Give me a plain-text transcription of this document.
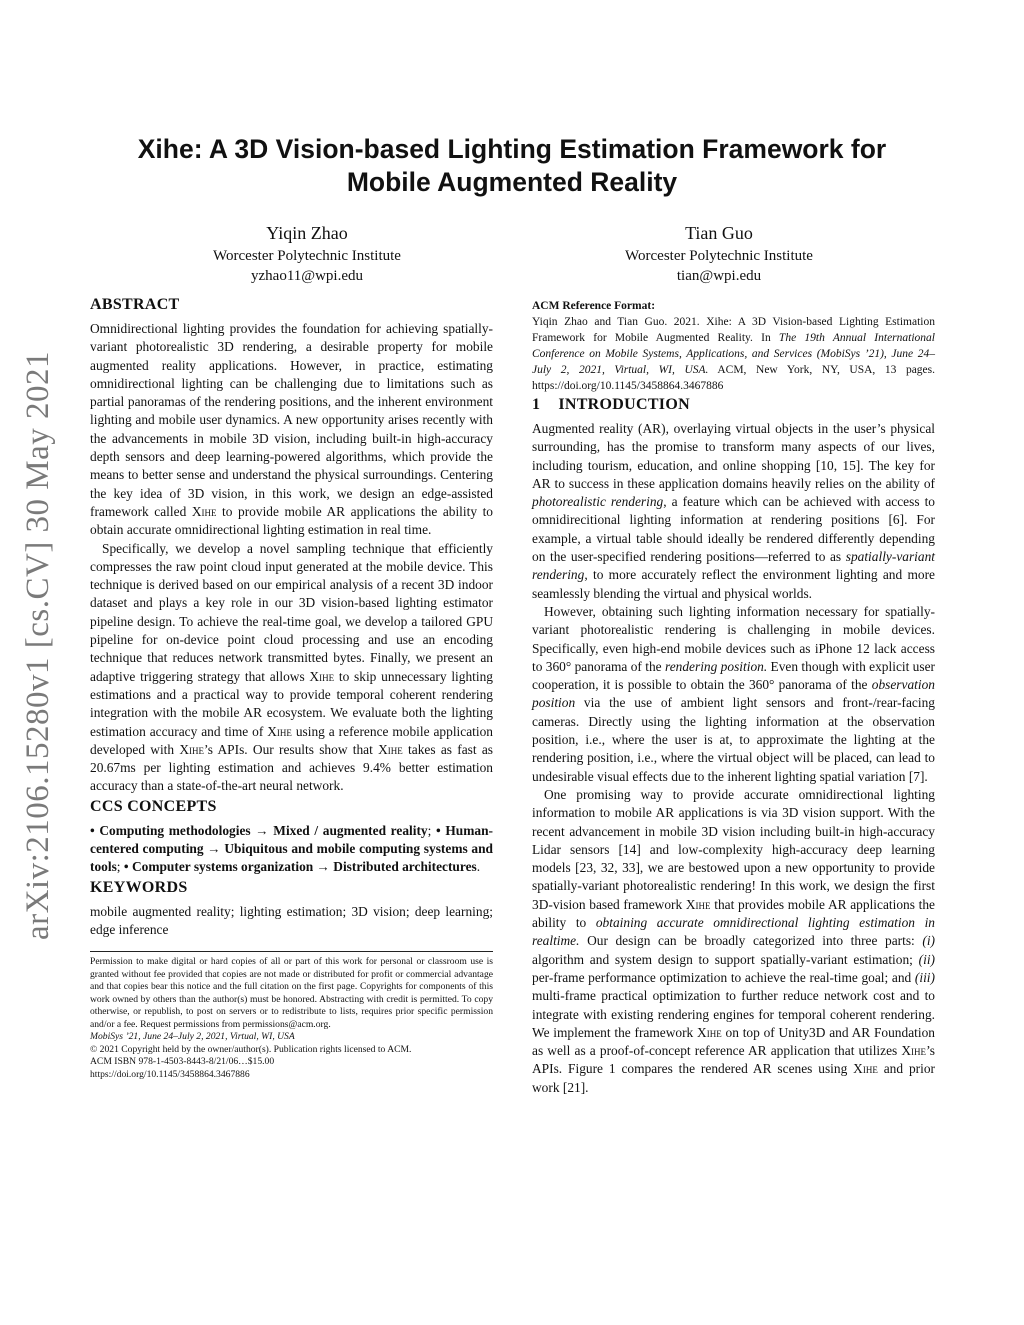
arXiv:2106.15280v1 [cs.CV] 30 May 2021
Xihe: A 3D Vision-based Lighting Estimation Framework for
Mobile Augmented Reality
Yiqin Zhao
Worcester Polytechnic Institute
yzhao11@wpi.edu
Tian Guo
Worcester Polytechnic Institute
tian@wpi.edu
ABSTRACT

Omnidirectional lighting provides the foundation for achieving spatially-variant photorealistic 3D rendering, a desirable property for mobile augmented reality applications. However, in practice, estimating omnidirectional lighting can be challenging due to limitations such as partial panoramas of the rendering positions, and the inherent environment lighting and mobile user dynamics. A new opportunity arises recently with the advancements in mobile 3D vision, including built-in high-accuracy depth sensors and deep learning-powered algorithms, which provide the means to better sense and understand the physical surroundings. Centering the key idea of 3D vision, in this work, we design an edge-assisted framework called Xihe to provide mobile AR applications the ability to obtain accurate omnidirectional lighting estimation in real time.

Specifically, we develop a novel sampling technique that efficiently compresses the raw point cloud input generated at the mobile device. This technique is derived based on our empirical analysis of a recent 3D indoor dataset and plays a key role in our 3D vision-based lighting estimator pipeline design. To achieve the real-time goal, we develop a tailored GPU pipeline for on-device point cloud processing and use an encoding technique that reduces network transmitted bytes. Finally, we present an adaptive triggering strategy that allows Xihe to skip unnecessary lighting estimations and a practical way to provide temporal coherent rendering integration with the mobile AR ecosystem. We evaluate both the lighting estimation accuracy and time of Xihe using a reference mobile application developed with Xihe’s APIs. Our results show that Xihe takes as fast as 20.67ms per lighting estimation and achieves 9.4% better estimation accuracy than a state-of-the-art neural network.

CCS CONCEPTS

• Computing methodologies → Mixed / augmented reality; • Human-centered computing → Ubiquitous and mobile computing systems and tools; • Computer systems organization → Distributed architectures.

KEYWORDS

mobile augmented reality; lighting estimation; 3D vision; deep learning; edge inference

Permission to make digital or hard copies of all or part of this work for personal or classroom use is granted without fee provided that copies are not made or distributed for profit or commercial advantage and that copies bear this notice and the full citation on the first page. Copyrights for components of this work owned by others than the author(s) must be honored. Abstracting with credit is permitted. To copy otherwise, or republish, to post on servers or to redistribute to lists, requires prior specific permission and/or a fee. Request permissions from permissions@acm.org.

MobiSys ’21, June 24–July 2, 2021, Virtual, WI, USA

© 2021 Copyright held by the owner/author(s). Publication rights licensed to ACM.

ACM ISBN 978-1-4503-8443-8/21/06…$15.00

https://doi.org/10.1145/3458864.3467886

ACM Reference Format:

Yiqin Zhao and Tian Guo. 2021. Xihe: A 3D Vision-based Lighting Estimation Framework for Mobile Augmented Reality. In The 19th Annual International Conference on Mobile Systems, Applications, and Services (MobiSys ’21), June 24–July 2, 2021, Virtual, WI, USA. ACM, New York, NY, USA, 13 pages. https://doi.org/10.1145/3458864.3467886

1 INTRODUCTION

Augmented reality (AR), overlaying virtual objects in the user’s physical surrounding, has the promise to transform many aspects of our lives, including tourism, education, and online shopping [10, 15]. The key for AR to success in these application domains heavily relies on the ability of photorealistic rendering, a feature which can be achieved with access to omnidirecitional lighting information at rendering positions [6]. For example, a virtual table should ideally be rendered differently depending on the user-specified rendering positions—referred to as spatially-variant rendering, to more accurately reflect the environment lighting and more seamlessly blending the virtual and physical worlds.

However, obtaining such lighting information necessary for spatially-variant photorealistic rendering is challenging in mobile devices. Specifically, even high-end mobile devices such as iPhone 12 lack access to 360° panorama of the rendering position. Even though with explicit user cooperation, it is possible to obtain the 360° panorama of the observation position via the use of ambient light sensors and front-/rear-facing cameras. Directly using the lighting information at the observation position, i.e., where the user is at, to approximate the lighting at the rendering position, i.e., where the virtual object will be placed, can lead to undesirable visual effects due to the inherent lighting spatial variation [7].

One promising way to provide accurate omnidirectional lighting information to mobile AR applications is via 3D vision support. With the recent advancement in mobile 3D vision including built-in high-accuracy Lidar sensors [14] and low-complexity high-accuracy deep learning models [23, 32, 33], we are bestowed upon a new opportunity to provide spatially-variant photorealistic rendering! In this work, we design the first 3D-vision based framework Xihe that provides mobile AR applications the ability to obtaining accurate omnidirectional lighting estimation in realtime. Our design can be broadly categorized into three parts: (i) algorithm and system design to support spatially-variant estimation; (ii) per-frame performance optimization to achieve the real-time goal; and (iii) multi-frame practical optimization to further reduce network cost and to integrate with existing rendering engines for temporal coherent rendering. We implement the framework Xihe on top of Unity3D and AR Foundation as well as a proof-of-concept reference AR application that utilizes Xihe’s APIs. Figure 1 compares the rendered AR scenes using Xihe and prior work [21].
